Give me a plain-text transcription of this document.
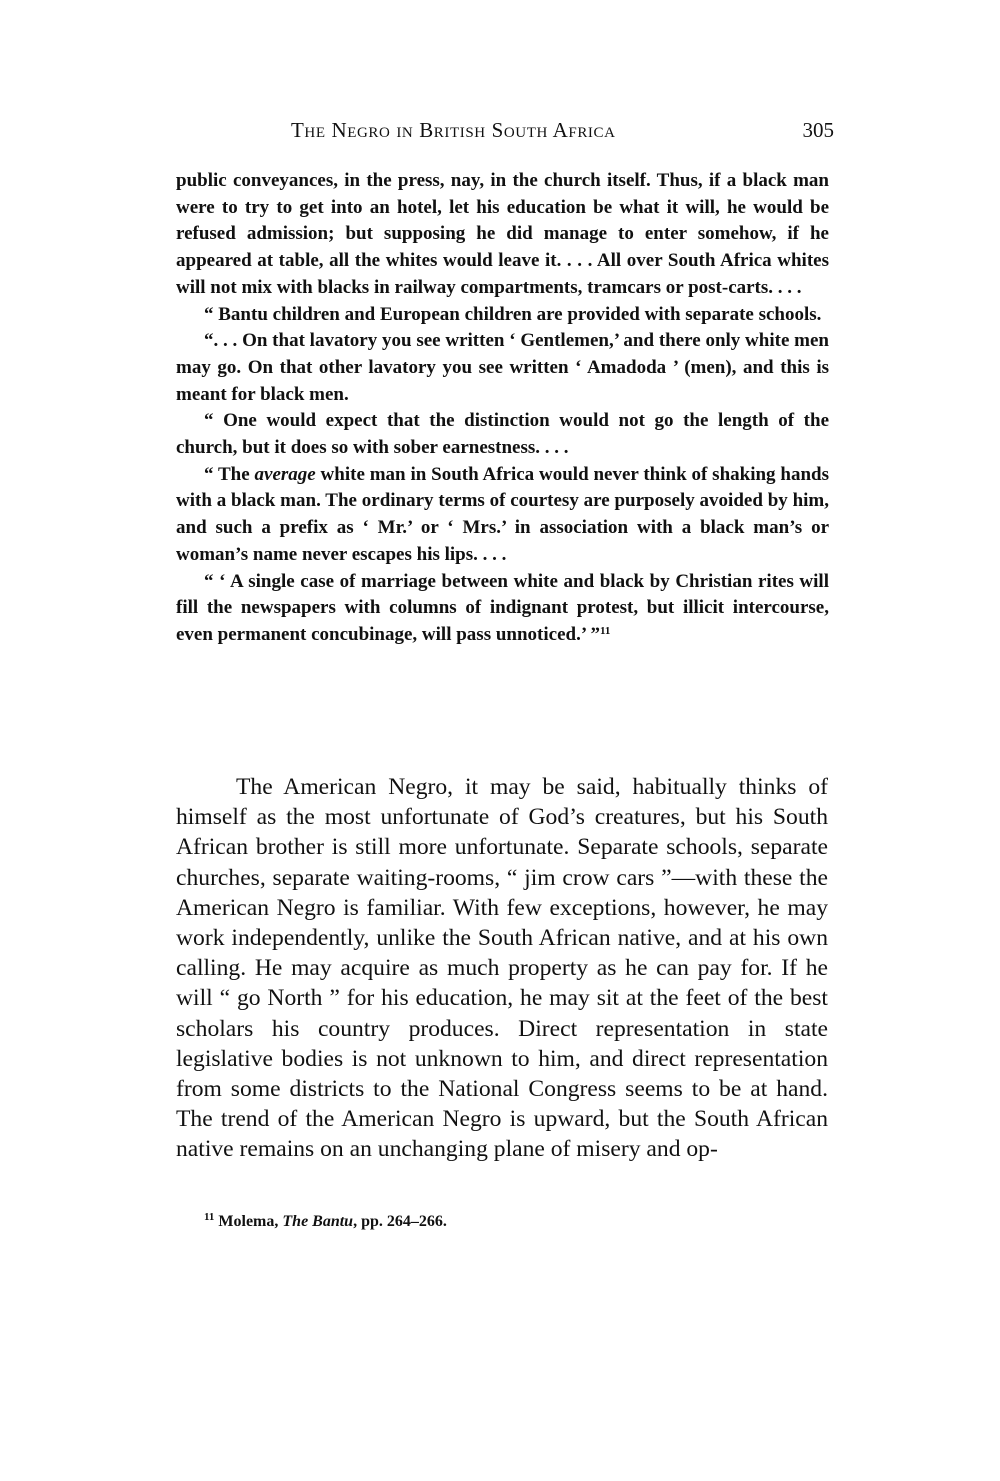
The Negro in British South Africa	305

public conveyances, in the press, nay, in the church itself. Thus, if a black man were to try to get into an hotel, let his education be what it will, he would be refused admission; but supposing he did manage to enter somehow, if he appeared at table, all the whites would leave it. . . . All over South Africa whites will not mix with blacks in railway compartments, tramcars or post-carts. . . .

“ Bantu children and European children are provided with separate schools.

“. . . On that lavatory you see written ‘ Gentlemen,’ and there only white men may go. On that other lavatory you see written ‘ Amadoda ’ (men), and this is meant for black men.

“ One would expect that the distinction would not go the length of the church, but it does so with sober earnestness. . . .

“ The average white man in South Africa would never think of shaking hands with a black man. The ordinary terms of courtesy are purposely avoided by him, and such a prefix as ‘ Mr.’ or ‘ Mrs.’ in association with a black man’s or woman’s name never escapes his lips. . . .

“ ‘ A single case of marriage between white and black by Christian rites will fill the newspapers with columns of indignant protest, but illicit intercourse, even permanent concubinage, will pass unnoticed.’ ”$^{11}$

The American Negro, it may be said, habitually thinks of himself as the most unfortunate of God’s creatures, but his South African brother is still more unfortunate. Separate schools, separate churches, separate waiting-rooms, “ jim crow cars ”—with these the American Negro is familiar. With few exceptions, however, he may work independently, unlike the South African native, and at his own calling. He may acquire as much property as he can pay for. If he will “ go North ” for his education, he may sit at the feet of the best scholars his country produces. Direct representation in state legislative bodies is not unknown to him, and direct representation from some districts to the National Congress seems to be at hand. The trend of the American Negro is upward, but the South African native remains on an unchanging plane of misery and op-

$^{11}$ Molema, The Bantu, pp. 264–266.
